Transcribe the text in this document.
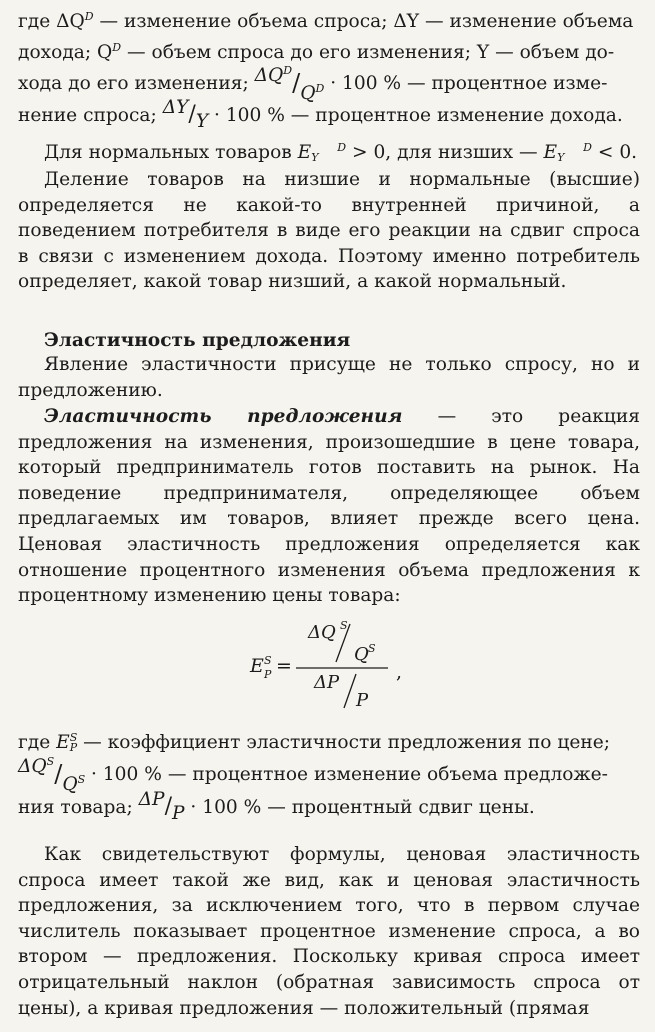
где $\Delta Q^D$ — изменение объема спроса; ΔY — изменение объема
дохода; $Q^D$ — объем спроса до его изменения; Y — объем до-
хода до его изменения; $\Delta Q^D/Q^D \cdot 100$ % — процентное изме-
нение спроса; ΔY/Y · 100 % — процентное изменение дохода.
Для нормальных товаров E D
Y > 0, для низших — E D
Y < 0.

Деление товаров на низшие и нормальные (высшие) определяется не какой-то внутренней причиной, а поведением потребителя в виде его реакции на сдвиг спроса в связи с изменением дохода. Поэтому именно потребитель определяет, какой товар низший, а какой нормальный.

Эластичность предложения

Явление эластичности присуще не только спросу, но и предложению.

Эластичность предложения — это реакция предложения на изменения, произошедшие в цене товара, который предприниматель готов поставить на рынок. На поведение предпринимателя, определяющее объем предлагаемых им товаров, влияет прежде всего цена. Ценовая эластичность предложения определяется как отношение процентного изменения объема предложения к процентному изменению цены товара:
E S
P =
ΔQ S
Q S
ΔP
P
,
где ES
P — коэффициент эластичности предложения по цене;
$\Delta Q^S/Q^S \cdot 100$ % — процентное изменение объема предложе-
ния товара; ΔP/P · 100 % — процентный сдвиг цены.

Как свидетельствуют формулы, ценовая эластичность спроса имеет такой же вид, как и ценовая эластичность предложения, за исключением того, что в первом случае числитель показывает процентное изменение спроса, а во втором — предложения. Поскольку кривая спроса имеет отрицательный наклон (обратная зависимость спроса от цены), а кривая предложения — положительный (прямая
